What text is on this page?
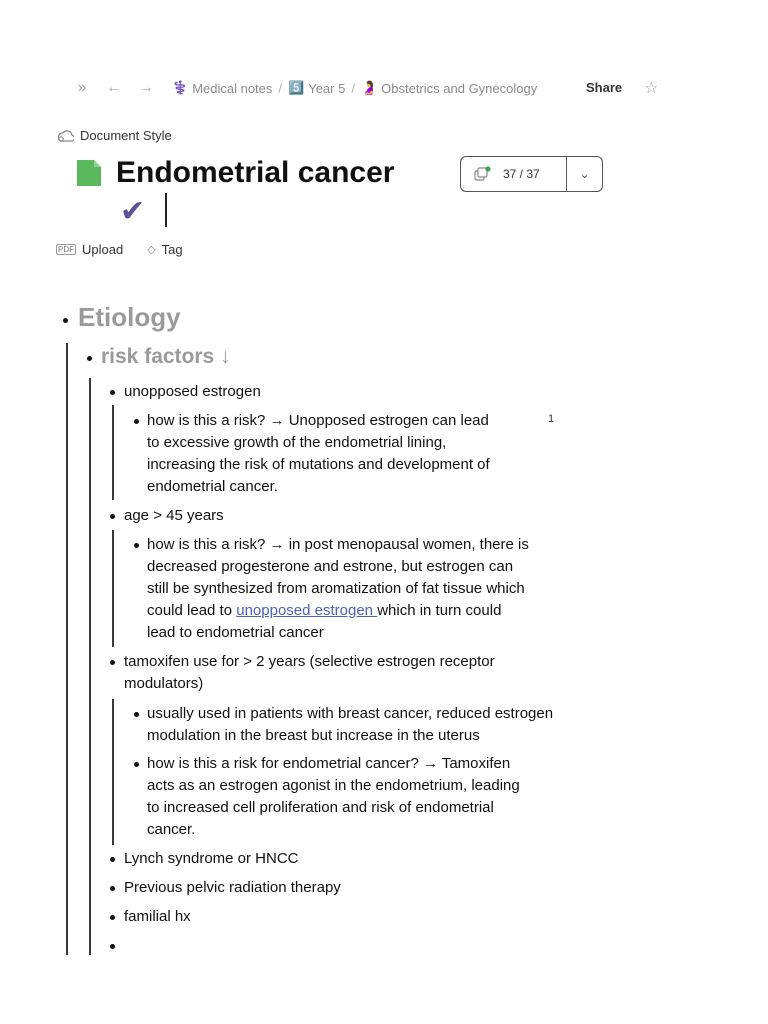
» ← → ⚕️ Medical notes / 5️⃣ Year 5 / 🤰 Obstetrics and Gynecology	Share ☆
Document Style
Endometrial cancer
✔
37 / 37	⌄
PDF Upload ◇ Tag
Etiology
risk factors ↓
unopposed estrogen
how is this a risk? → Unopposed estrogen can lead	1
to excessive growth of the endometrial lining,
increasing the risk of mutations and development of
endometrial cancer.
age > 45 years
how is this a risk? → in post menopausal women, there is
decreased progesterone and estrone, but estrogen can
still be synthesized from aromatization of fat tissue which
could lead to unopposed estrogen which in turn could
lead to endometrial cancer
tamoxifen use for > 2 years (selective estrogen receptor
modulators)
usually used in patients with breast cancer, reduced estrogen
modulation in the breast but increase in the uterus
how is this a risk for endometrial cancer? → Tamoxifen
acts as an estrogen agonist in the endometrium, leading
to increased cell proliferation and risk of endometrial
cancer.
Lynch syndrome or HNCC
Previous pelvic radiation therapy
familial hx
